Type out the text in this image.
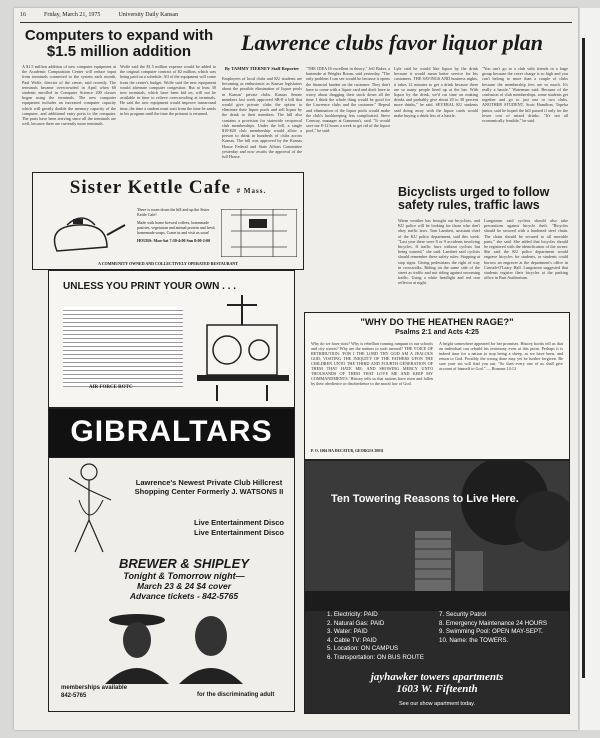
16	Friday, March 21, 1975	University Daily Kansan
Computers to expand with $1.5 million addition

A $1.5 million addition of new computer equipment at the Academic Computation Center will reduce input from terminals connected to the system each month, Paul Wolfe, director of the center, said recently. The terminals became overcrowded in April when 60 students enrolled in Computer Science 200 classes began using the terminals. The new computer equipment includes an increased computer capacity which will greatly double the memory capacity of the computer, and additional entry ports to the computer. The parts have been arriving since all the terminals are well, because there are currently more terminals.

Wolfe said the $1.5 million expense would be added to the original computer contract of $2 million, which was being paid on a schedule. All of the equipment will come from the center's budget. Wolfe said the new equipment would alternate computer congestion. But at least 30 new terminals, which have been bid on, will not be available in time to relieve overcrowding at terminals. He said the new equipment would improve turnaround time, the time a student must wait from the time he sends in his program until the time the printout is returned.

Lawrence clubs favor liquor plan
By TAMMY TIERNEY Staff Reporter
Employees of local clubs and KU students are becoming as enthusiastic as Kansas legislators about the possible elimination of liquor pools in Kansas' private clubs. Kansas Senate members last week approved SB-8 a bill that would give private clubs the option to eliminate their liquor pools and sell liquor by the drink to their members. The bill also contains a provision for statewide reciprocal club memberships. Under the bill, a single $10-$20 club membership would allow a person to drink in hundreds of clubs across Kansas. The bill was approved by the Kansas House Federal and State Affairs Committee yesterday and now awaits the approval of the full House.
"THE IDEA IS excellent in theory," Jeff Baker, a bartender at Weights Room, said yesterday. "The only problem I can see would be because it opens the financial burden on the customer. They don't have to come with a liquor card and don't have to worry about dragging their stock down all the time. I think the whole thing would be good for the Lawrence clubs and the customer." Repeal and elimination of the liquor pools would make the club's bookkeeping less complicated, Steve Conway, manager at Gammon's, said. "It would save me 8-12 hours a week to get rid of the liquor pool," he said.
Lyle said he would like liquor by the drink because it would mean better service for his customers. THE SAVINGS AND business nights, it takes 12 minutes to get a drink because there are so many people lined up at the bar. With liquor by the drink, we'd cut time on making drinks and probably give about 20 to 30 percent more drinks," he said. SEVERAL KU students said doing away with the liquor cards would make buying a drink less of a hassle.
"You can't go to a club with friends in a large group because the cover charge is so high and you can't belong to more than a couple of clubs because the membership fees are so much. It's really a hassle," Waterman said. Because of the confusion of club memberships, some students get together and go to just one or two clubs. ANOTHER STUDENT, Scott Hamilton, Topeka junior, said he hoped the bill passed if only for the lower cost of mixed drinks. "It's not all economically feasible," he said.
Bicyclists urged to follow safety rules, traffic laws
Warm weather has brought out bicyclists, and KU police will be looking for those who don't obey traffic laws. Tom Lambert, assistant chief of the KU police department, said this week. "Last year there were 8 or 9 accidents involving bicycles. If traffic laws without cyclists but being warned," she said. Lambert said cyclists should remember these safety rules: Stopping at stop signs. Giving pedestrians the right of way in crosswalks. Riding on the same side of the street as traffic and not riding against oncoming traffic. Using a white headlight and red rear reflector at night.
Lungstrom said cyclists should also take precautions against bicycle theft. "Bicycles should be secured with a hardened steel chain. The chain should be secured to all movable parts," she said. She added that bicycles should be registered with the identification of the owner. She said the KU police department would engrave bicycles for students, or students could borrow an engraver at the department's office in Carruth-O'Leary Hall. Lungstrom suggested that students register their bicycles at the parking office in Burt Auditorium.
Sister Kettle Cafe # Mass.
There is room down the hill and up the Sister Kettle Cafe!
Made with home brewed coffees, homemade pastries, vegetarian and animal protein and fresh homemade soups. Come in and visit us soon!
HOURS: Mon-Sat 7:30-4:00 Sun 8:00-2:00
A COMMUNITY OWNED AND COLLECTIVELY OPERATED RESTAURANT
UNLESS YOU PRINT YOUR OWN . . .
AIR FORCE ROTC
GIBRALTARS
Lawrence's Newest Private Club Hillcrest Shopping Center Formerly J. WATSONS II
Live Entertainment Disco Live Entertainment Disco
BREWER & SHIPLEY
Tonight & Tomorrow night—
March 23 & 24 $4 cover
Advance tickets - 842-5765
memberships available
842-5765	for the discriminating adult
"WHY DO THE HEATHEN RAGE?"
Psalms 2:1 and Acts 4:25
Why do we have riots? Why is rebellion running rampant in our schools and city streets? Why are the nations in such turmoil? THE VOICE OF RETRIBUTION: 'FOR I THE LORD THY GOD AM A JEALOUS GOD, VISITING THE INIQUITY OF THE FATHERS UPON THE CHILDREN UNTO THE THIRD AND FOURTH GENERATION OF THEM THAT HATE ME; AND SHOWING MERCY UNTO THOUSANDS OF THEM THAT LOVE ME AND KEEP MY COMMANDMENTS.' History tells us that nations have risen and fallen by their obedience or disobedience to the moral law of God.
A bright somewhere appeared for her promises. History books tell us that an individual can rebuild his testimony even at this point. Perhaps it is indeed time for a nation to stop being a sheep, as we have been, and return to God. Possibly the wrong done may yet be further forgiven. Be sure your sin will find you out. "So then every one of us shall give account of himself to God." — Romans 14:12
P. O. 1004 HA DECATUR, GEORGIA 30031
Ten Towering Reasons to Live Here.
1. Electricity: PAID
2. Natural Gas: PAID
3. Water: PAID
4. Cable TV: PAID
5. Location: ON CAMPUS
6. Transportation: ON BUS ROUTE
7. Security Patrol
8. Emergency Maintenance 24 HOURS
9. Swimming Pool: OPEN MAY-SEPT.
10. Name: the TOWERS.
jayhawker towers apartments
1603 W. Fifteenth
See our show apartment today.
